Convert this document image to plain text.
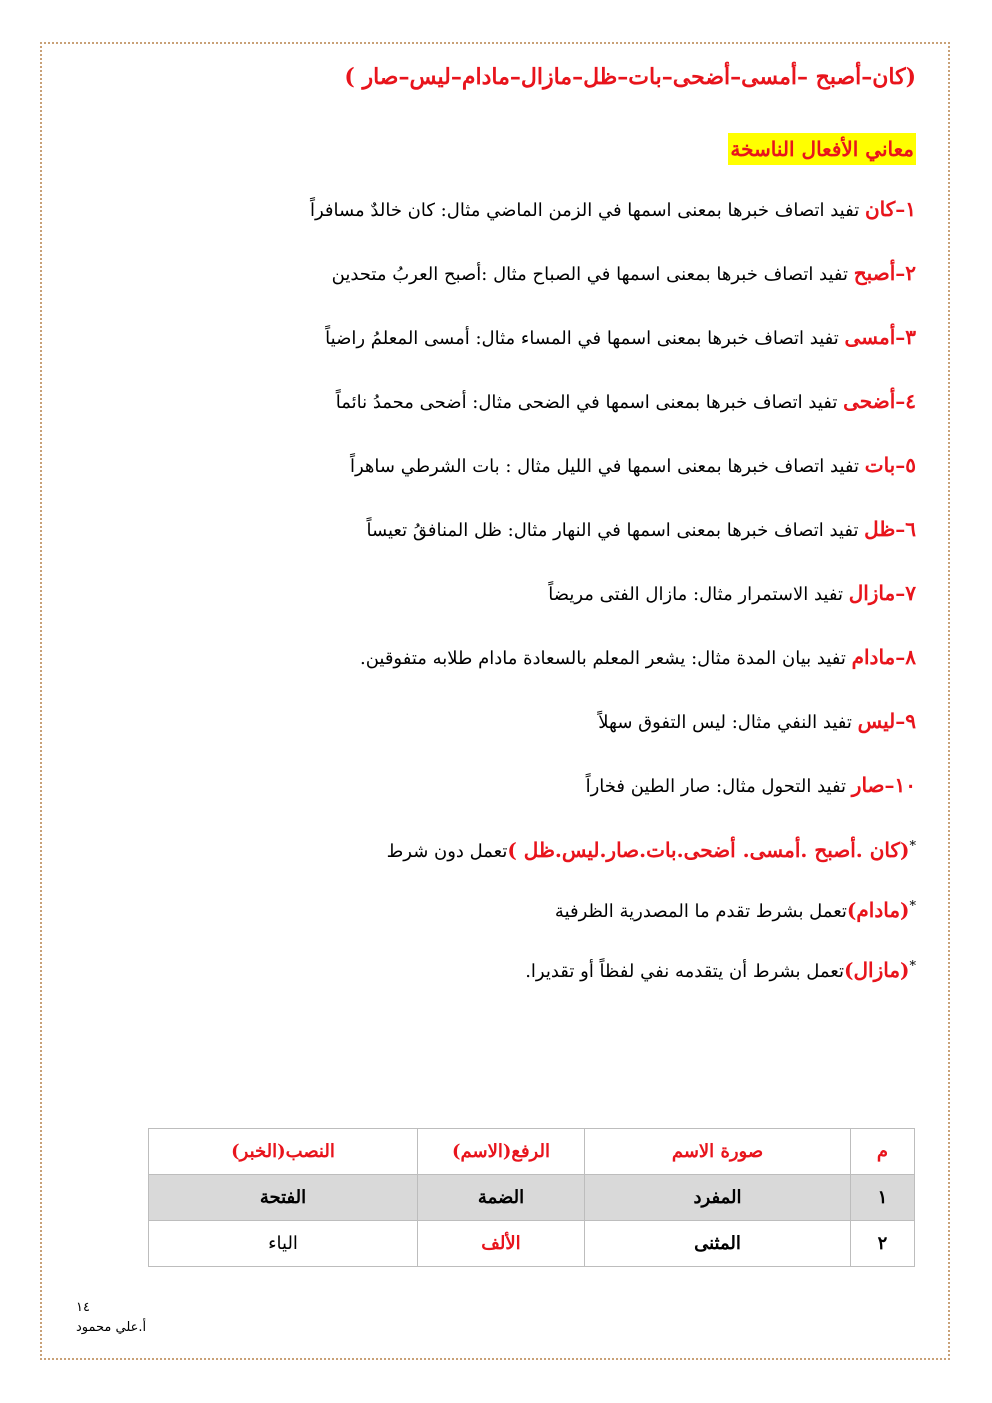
(كان–أصبح –أمسى–أضحى–بات–ظل–مازال–مادام–ليس–صار )

معاني الأفعال الناسخة
١–كان تفيد اتصاف خبرها بمعنى اسمها في الزمن الماضي مثال: كان خالدٌ مسافراً
٢–أصبح تفيد اتصاف خبرها بمعنى اسمها في الصباح مثال :أصبح العربُ متحدين
٣–أمسى تفيد اتصاف خبرها بمعنى اسمها في المساء مثال: أمسى المعلمُ راضياً
٤–أضحى تفيد اتصاف خبرها بمعنى اسمها في الضحى مثال: أضحى محمدُ نائماً
٥–بات تفيد اتصاف خبرها بمعنى اسمها في الليل مثال : بات الشرطي ساهراً
٦–ظل تفيد اتصاف خبرها بمعنى اسمها في النهار مثال: ظل المنافقُ تعيساً
٧–مازال تفيد الاستمرار مثال: مازال الفتى مريضاً
٨–مادام تفيد بيان المدة مثال: يشعر المعلم بالسعادة مادام طلابه متفوقين.
٩–ليس تفيد النفي مثال: ليس التفوق سهلاً
١٠–صار تفيد التحول مثال: صار الطين فخاراً
*(كان .أصبح .أمسى. أضحى.بات.صار.ليس.ظل )تعمل دون شرط
*(مادام)تعمل بشرط تقدم ما المصدرية الظرفية
*(مازال)تعمل بشرط أن يتقدمه نفي لفظاً أو تقديرا.
م	صورة الاسم	الرفع(الاسم)	النصب(الخبر)
١	المفرد	الضمة	الفتحة
٢	المثنى	الألف	الياء
١٤
أ.علي محمود
